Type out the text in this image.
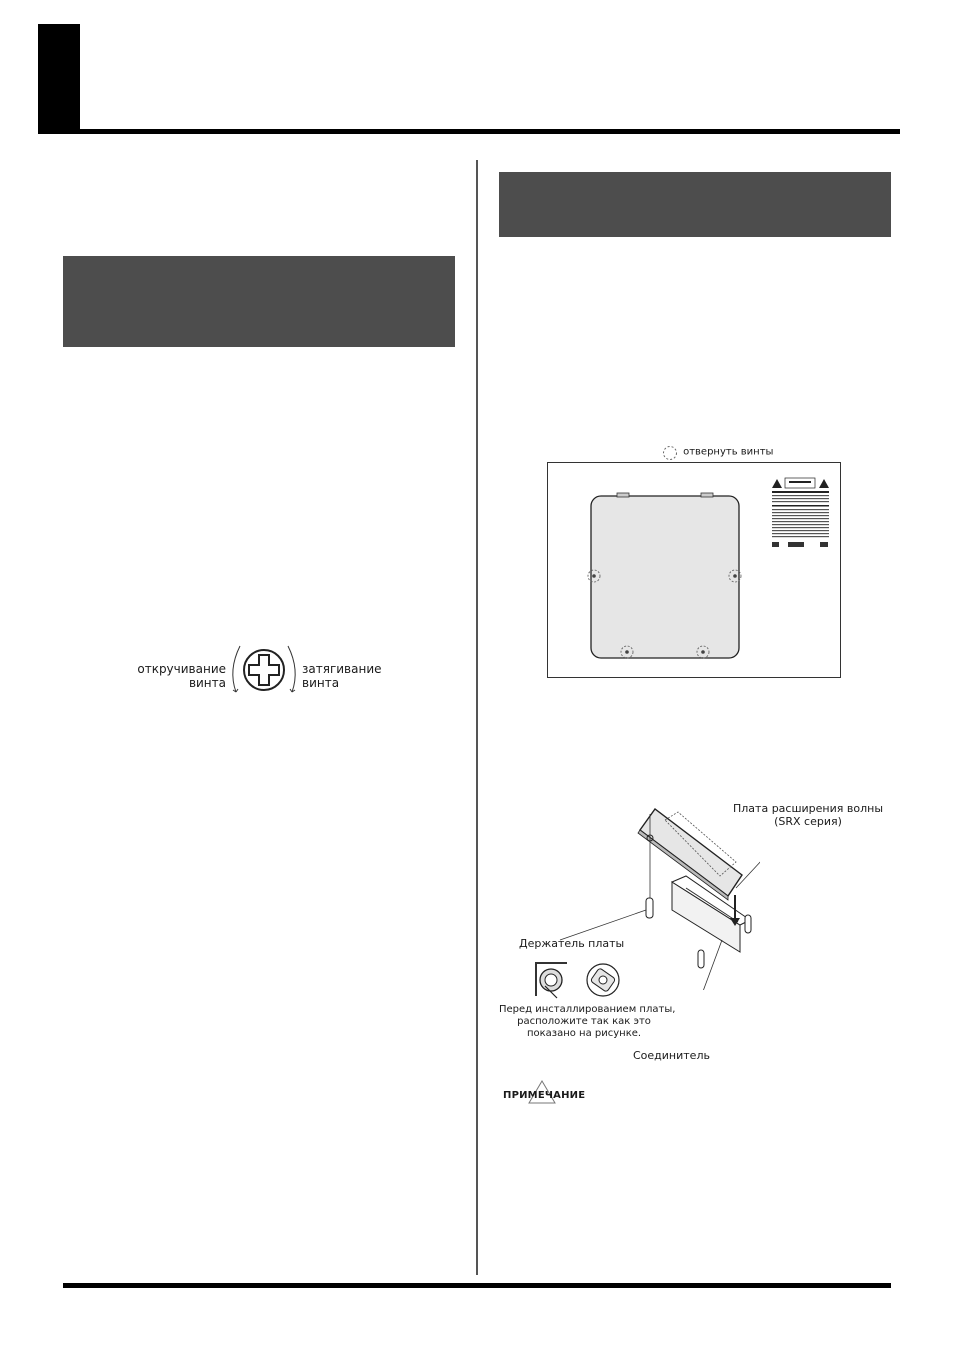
откручивание
винта
затягивание
винта
отвернуть винты
Плата расширения волны
(SRX серия)
Держатель платы
Перед инсталлированием платы,
расположите так как это
показано на рисунке.
Соединитель
ПРИМЕЧАНИЕ
